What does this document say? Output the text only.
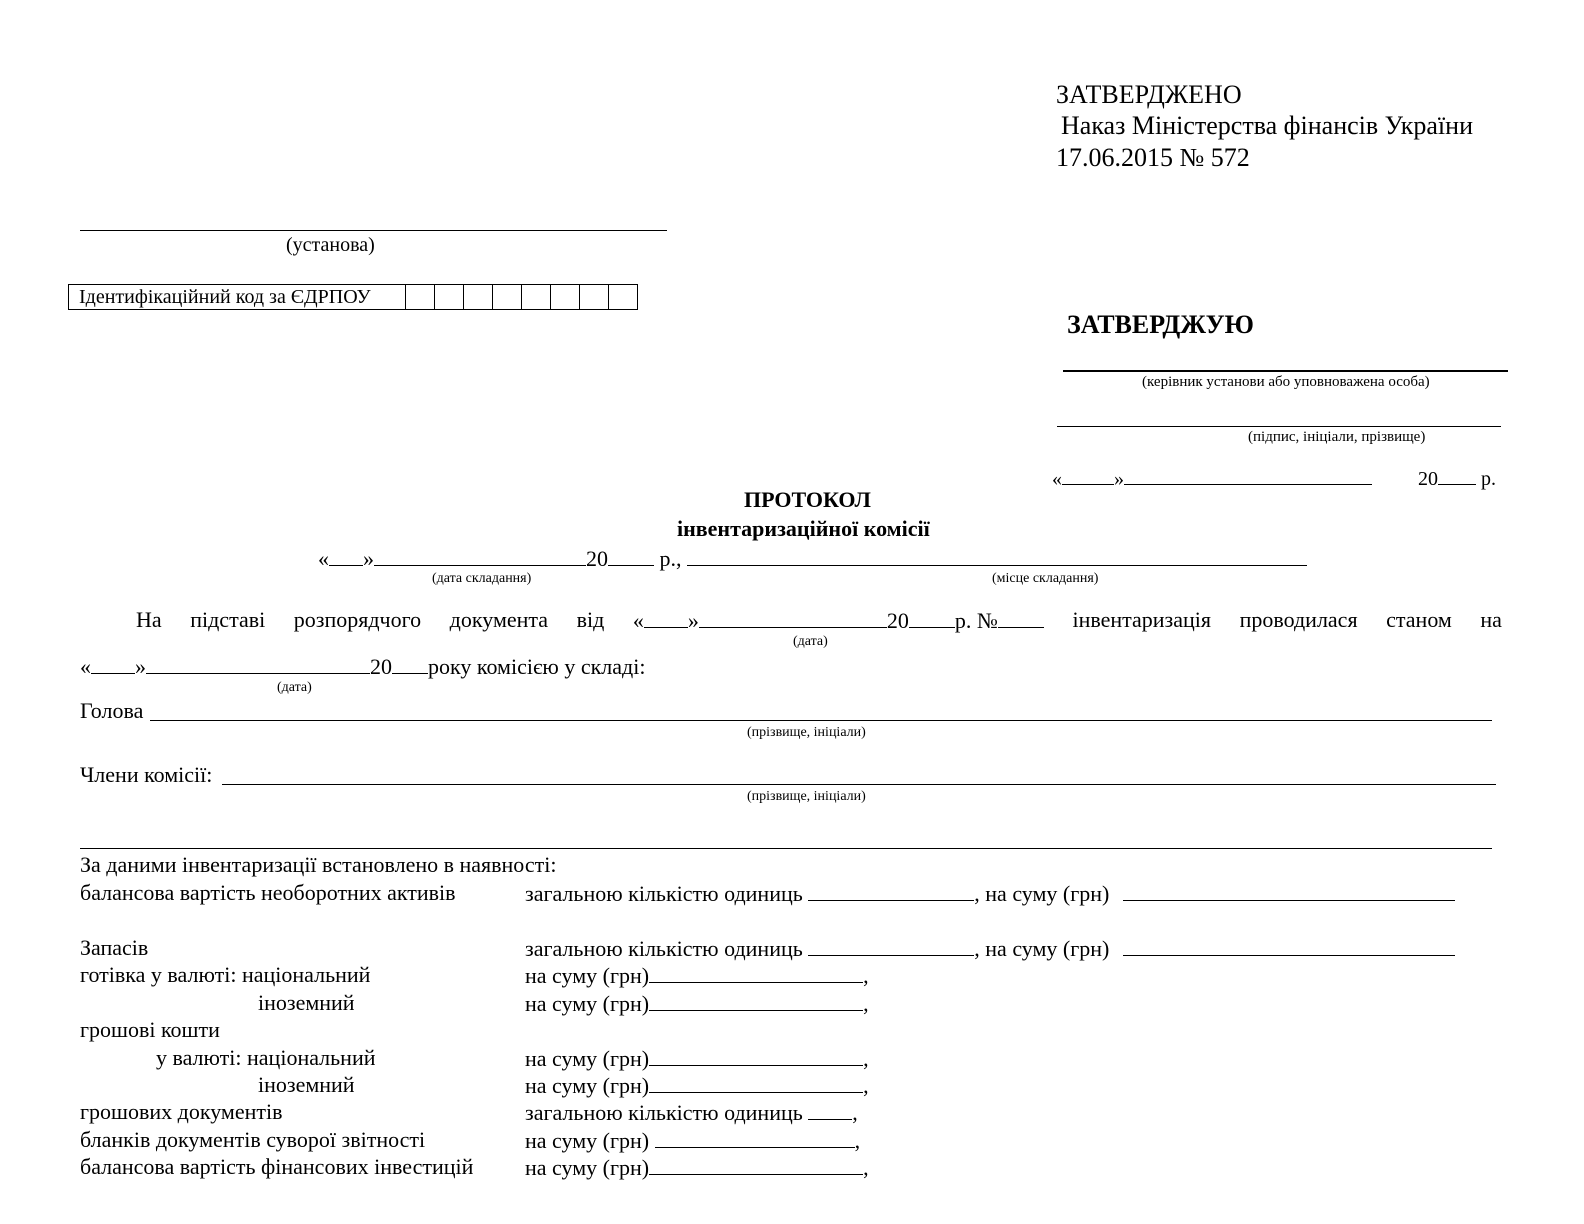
ЗАТВЕРДЖЕНО
Наказ Міністерства фінансів України
17.06.2015 № 572
(установа)
Ідентифікаційний код за ЄДРПОУ
ЗАТВЕРДЖУЮ
(керівник установи або уповноважена особа)
(підпис, ініціали, прізвище)
«	»	20 р.
ПРОТОКОЛ
інвентаризаційної комісії
« »	20 р.,
(дата складання)	(місце складання)
На підставі розпорядчого документа від « »	20 р. №	інвентаризація проводилася станом на
(дата)
« »	20 року комісією у складі:
(дата)
Голова
(прізвище, ініціали)
Члени комісії:
(прізвище, ініціали)
За даними інвентаризації встановлено в наявності:
балансова вартість необоротних активів	загальною кількістю одиниць	, на суму (грн)
Запасів	загальною кількістю одиниць	, на суму (грн)
готівка у валюті: національний	на суму (грн)	,
іноземний	на суму (грн)	,
грошові кошти
у валюті: національний	на суму (грн)	,
іноземний	на суму (грн)	,
грошових документів	загальною кількістю одиниць ,
бланків документів суворої звітності	на суму (грн)	,
балансова вартість фінансових інвестицій на суму (грн)	,
